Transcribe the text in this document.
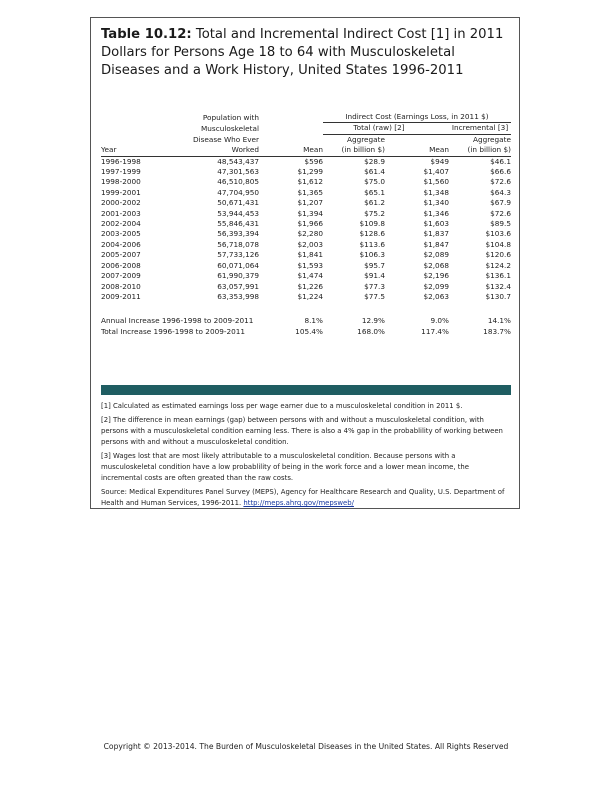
Table 10.12: Total and Incremental Indirect Cost [1] in 2011 Dollars for Persons Age 18 to 64 with Musculoskeletal Diseases and a Work History, United States 1996-2011
	Population with		Indirect Cost (Earnings Loss, in 2011 $)		
	Musculoskeletal		Total (raw) [2]		Incremental [3]
	Disease Who Ever		Aggregate		Aggregate
Year	Worked	Mean	(in billion $)	Mean	(in billion $)
1996-1998	48,543,437	$596	$28.9	$949	$46.1
1997-1999	47,301,563	$1,299	$61.4	$1,407	$66.6
1998-2000	46,510,805	$1,612	$75.0	$1,560	$72.6
1999-2001	47,704,950	$1,365	$65.1	$1,348	$64.3
2000-2002	50,671,431	$1,207	$61.2	$1,340	$67.9
2001-2003	53,944,453	$1,394	$75.2	$1,346	$72.6
2002-2004	55,846,431	$1,966	$109.8	$1,603	$89.5
2003-2005	56,393,394	$2,280	$128.6	$1,837	$103.6
2004-2006	56,718,078	$2,003	$113.6	$1,847	$104.8
2005-2007	57,733,126	$1,841	$106.3	$2,089	$120.6
2006-2008	60,071,064	$1,593	$95.7	$2,068	$124.2
2007-2009	61,990,379	$1,474	$91.4	$2,196	$136.1
2008-2010	63,057,991	$1,226	$77.3	$2,099	$132.4
2009-2011	63,353,998	$1,224	$77.5	$2,063	$130.7

Annual Increase 1996-1998 to 2009-2011		8.1%	12.9%	9.0%	14.1%
Total Increase 1996-1998 to 2009-2011		105.4%	168.0%	117.4%	183.7%

[1] Calculated as estimated earnings loss per wage earner due to a musculoskeletal condition in 2011 $.

[2] The difference in mean earnings (gap) between persons with and without a musculoskeletal condition, with persons with a musculoskeletal condition earning less. There is also a 4% gap in the probablility of working between persons with and without a musculoskeletal condition.

[3] Wages lost that are most likely attributable to a musculoskeletal condition. Because persons with a musculoskeletal condition have a low probablility of being in the work force and a lower mean income, the incremental costs are often greated than the raw costs.

Source: Medical Expenditures Panel Survey (MEPS), Agency for Healthcare Research and Quality, U.S. Department of Health and Human Services, 1996-2011. http://meps.ahrq.gov/mepsweb/

Copyright © 2013-2014. The Burden of Musculoskeletal Diseases in the United States. All Rights Reserved
